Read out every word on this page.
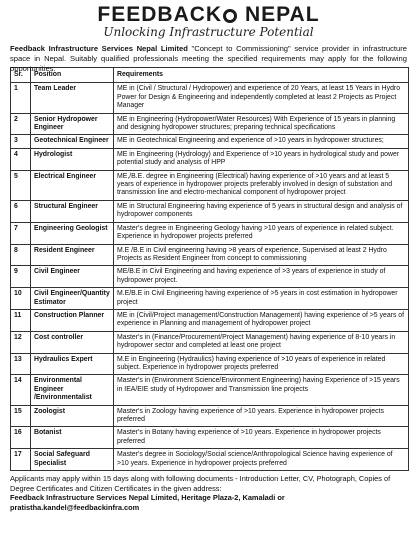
FEEDBACK NEPAL
Unlocking Infrastructure Potential
Feedback Infrastructure Services Nepal Limited "Concept to Commissioning" service provider in infrastructure space in Nepal. Suitably qualified professionals meeting the specified requirements may apply for the following opportunities:
Sr.	Position	Requirements
1	Team Leader	ME in (Civil / Structural / Hydropower) and experience of 20 Years, at least 15 Years in Hydro Power for Design & Engineering and independently completed at least 2 Projects as Project Manager
2	Senior Hydropower Engineer	ME in Engineering (Hydropower/Water Resources) With Experience of 15 years in planning and designing hydropower structures; preparing technical specifications
3	Geotechnical Engineer	ME in Geotechnical Engineering and experience of >10 years in hydropower structures;
4	Hydrologist	ME in Engineering (Hydrology) and Experience of >10 years in hydrological study and power potential study and analysis of HPP
5	Electrical Engineer	ME,/B.E. degree in Engineering (Electrical) having experience of >10 years and at least 5 years of experience in hydropower projects preferably involved in design of substation and transmission line and electro-mechanical component of hydropower project
6	Structural Engineer	ME in Structural Engineering having experience of 5 years in structural design and analysis of hydropower components
7	Engineering Geologist	Master's degree in Engineering Geology having >10 years of experience in related subject. Experience in hydropower projects preferred
8	Resident Engineer	M.E /B.E in Civil engineering having >8 years of experience, Supervised at least 2 Hydro Projects as Resident Engineer from concept to commissioning
9	Civil Engineer	ME/B.E in Civil Engineering and having experience of >3 years of experience in study of hydropower project.
10	Civil Engineer/Quantity Estimator	M.E/B.E in Civil Engineering having experience of >5 years in cost estimation in hydropower project
11	Construction Planner	ME in (Civil/Project management/Construction Management) having experience of >5 years of experience in Planning and management of hydropower project
12	Cost controller	Master's in (Finance/Procurement/Project Management) having experience of 8-10 years in hydropower sector and completed at least one project
13	Hydraulics Expert	M.E in Engineering (Hydraulics) having experience of >10 years of experience in related subject. Experience in hydropower projects preferred
14	Environmental Engineer /Environmentalist	Master's in (Environment Science/Environment Engineering) having Experience of >15 years in IEA/EIE study of Hydropower and Transmission line projects
15	Zoologist	Master's in Zoology having experience of >10 years. Experience in hydropower projects preferred
16	Botanist	Master's in Botany having experience of >10 years. Experience in hydropower projects preferred
17	Social Safeguard Specialist	Master's degree in Sociology/Social science/Anthropological Science having experience of >10 years. Experience in hydropower projects preferred
Applicants may apply within 15 days along with following documents - Introduction Letter, CV, Photograph, Copies of Degree Certificates and Citizen Certificates in the given address:
Feedback Infrastructure Services Nepal Limited, Heritage Plaza-2, Kamaladi or pratistha.kandel@feedbackinfra.com
